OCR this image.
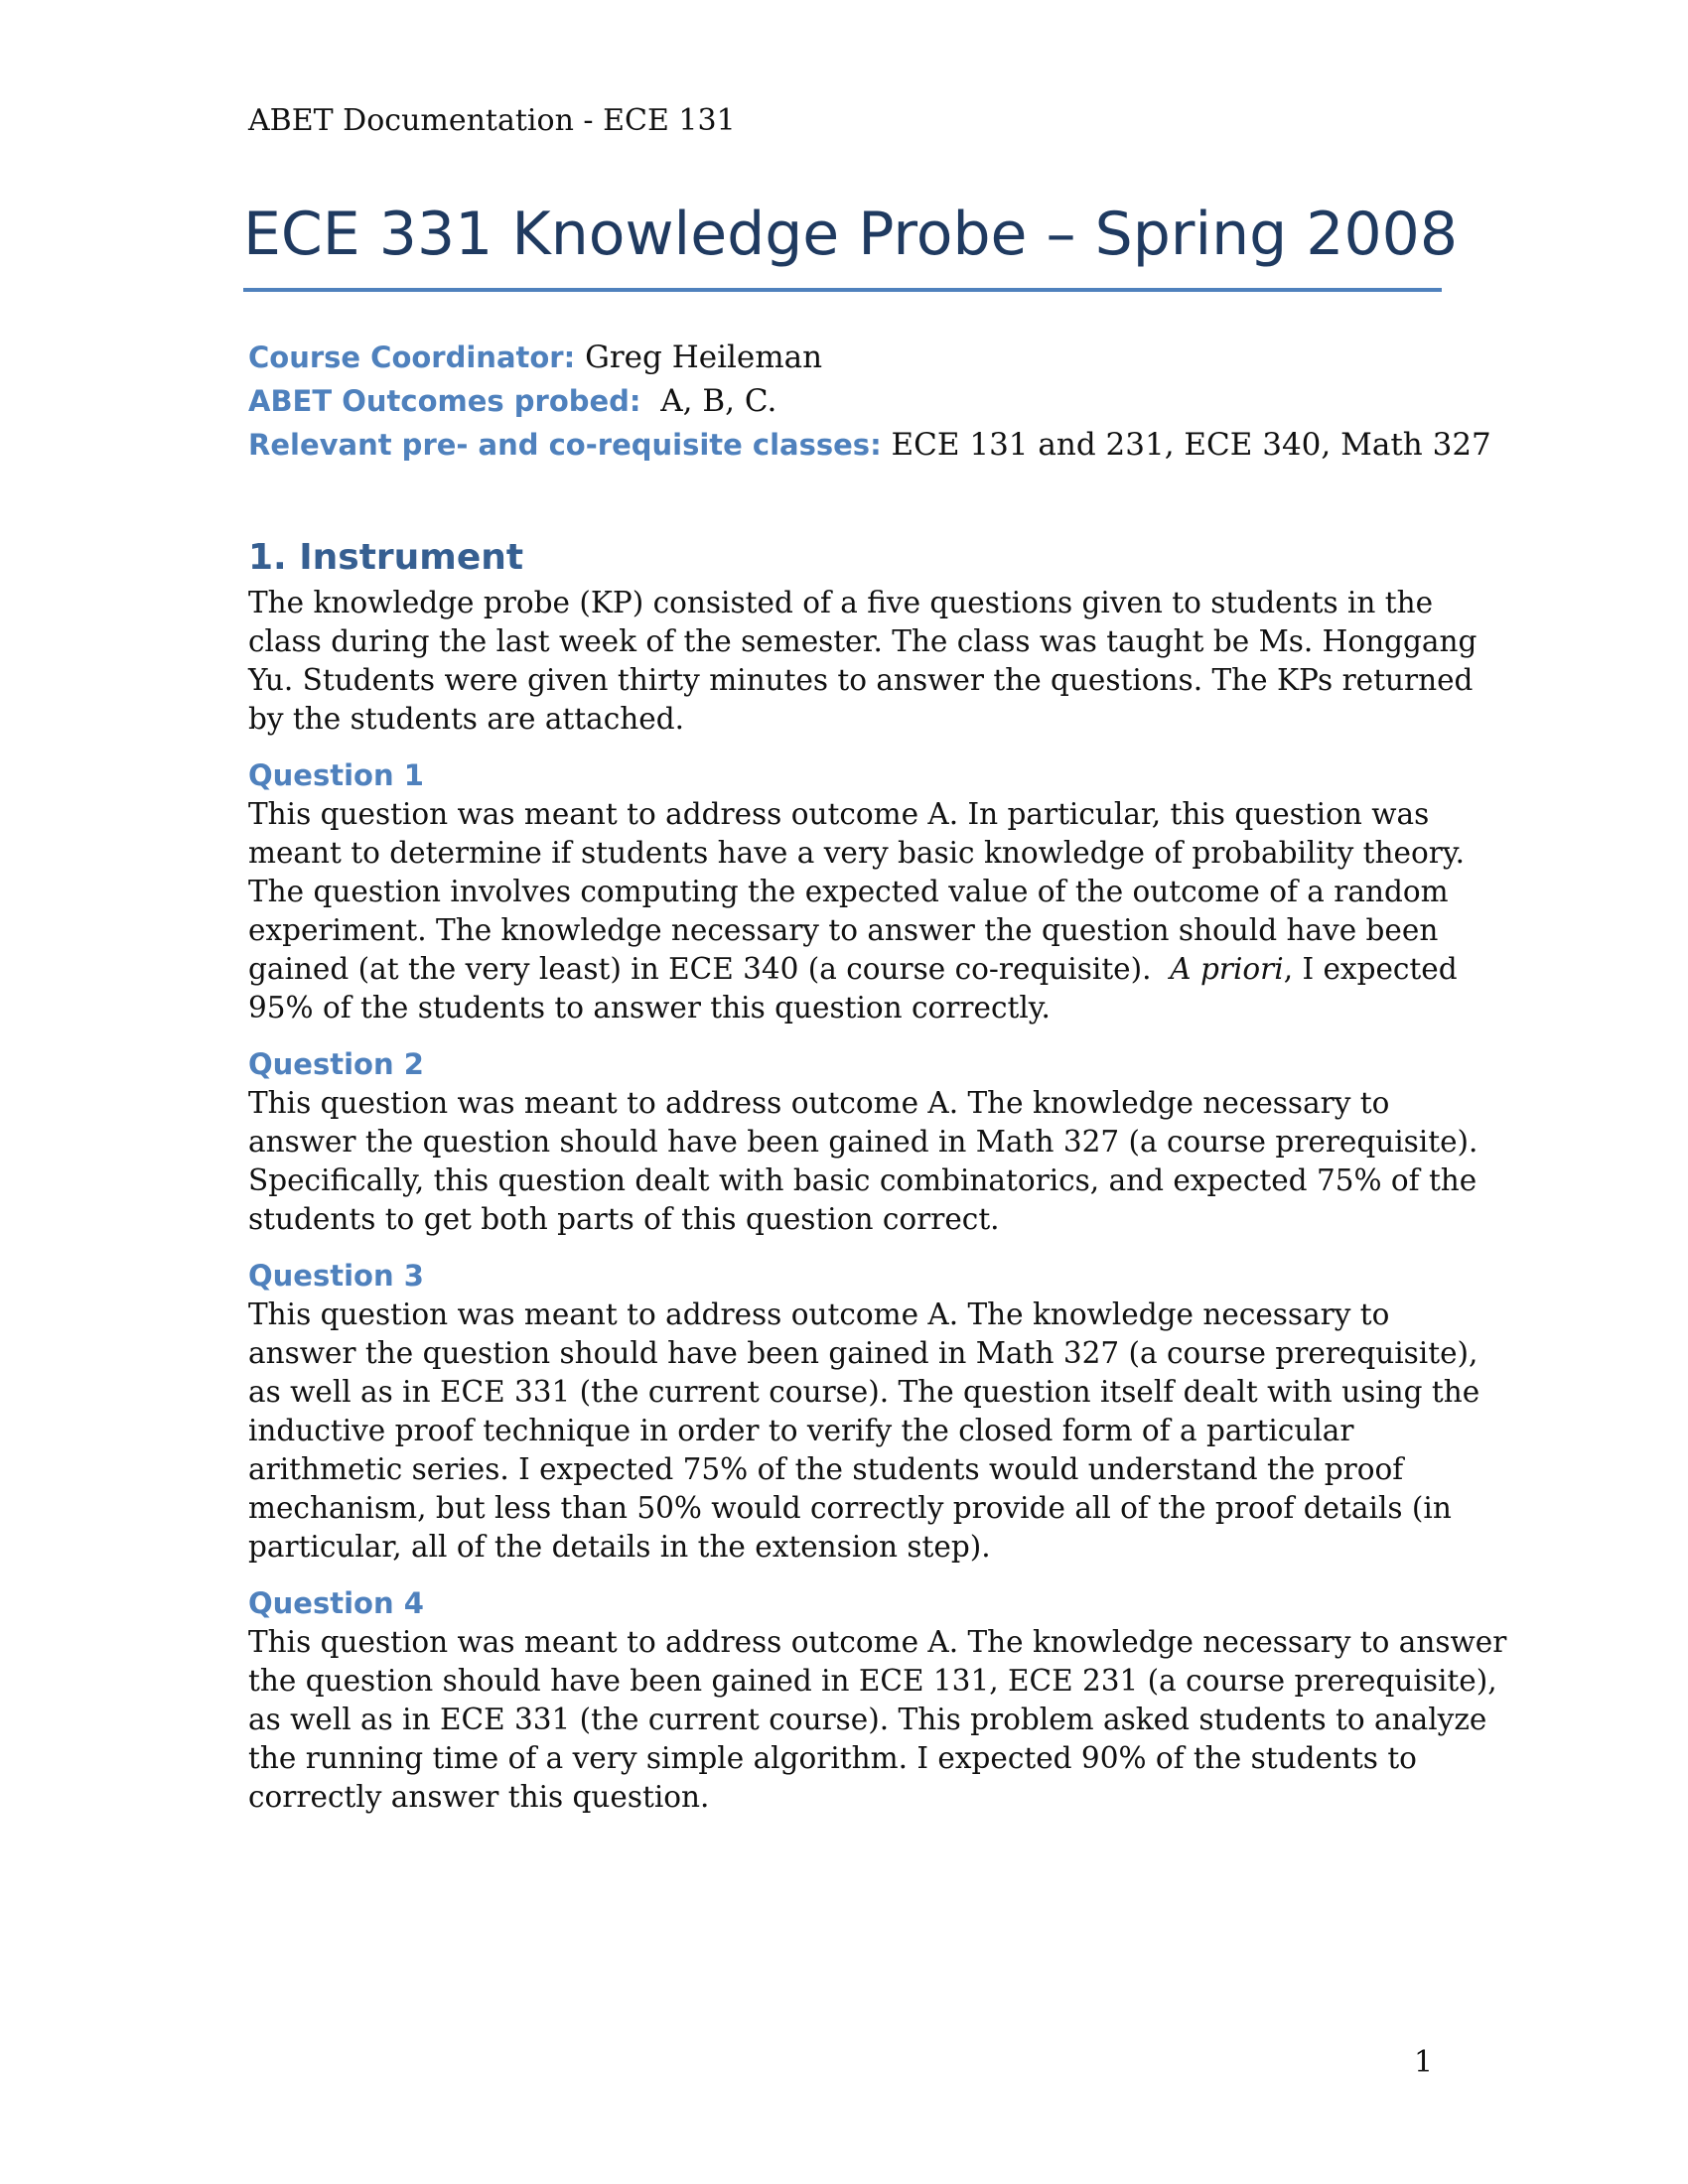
ABET Documentation - ECE 131
ECE 331 Knowledge Probe – Spring 2008
Course Coordinator: Greg Heileman
ABET Outcomes probed:  A, B, C.
Relevant pre- and co-requisite classes: ECE 131 and 231, ECE 340, Math 327
1. Instrument
The knowledge probe (KP) consisted of a five questions given to students in the
class during the last week of the semester. The class was taught be Ms. Honggang
Yu. Students were given thirty minutes to answer the questions. The KPs returned
by the students are attached.
Question 1
This question was meant to address outcome A. In particular, this question was
meant to determine if students have a very basic knowledge of probability theory.
The question involves computing the expected value of the outcome of a random
experiment. The knowledge necessary to answer the question should have been
gained (at the very least) in ECE 340 (a course co-requisite).  A priori, I expected
95% of the students to answer this question correctly.
Question 2
This question was meant to address outcome A. The knowledge necessary to
answer the question should have been gained in Math 327 (a course prerequisite).
Specifically, this question dealt with basic combinatorics, and expected 75% of the
students to get both parts of this question correct.
Question 3
This question was meant to address outcome A. The knowledge necessary to
answer the question should have been gained in Math 327 (a course prerequisite),
as well as in ECE 331 (the current course). The question itself dealt with using the
inductive proof technique in order to verify the closed form of a particular
arithmetic series. I expected 75% of the students would understand the proof
mechanism, but less than 50% would correctly provide all of the proof details (in
particular, all of the details in the extension step).
Question 4
This question was meant to address outcome A. The knowledge necessary to answer
the question should have been gained in ECE 131, ECE 231 (a course prerequisite),
as well as in ECE 331 (the current course). This problem asked students to analyze
the running time of a very simple algorithm. I expected 90% of the students to
correctly answer this question.
1
